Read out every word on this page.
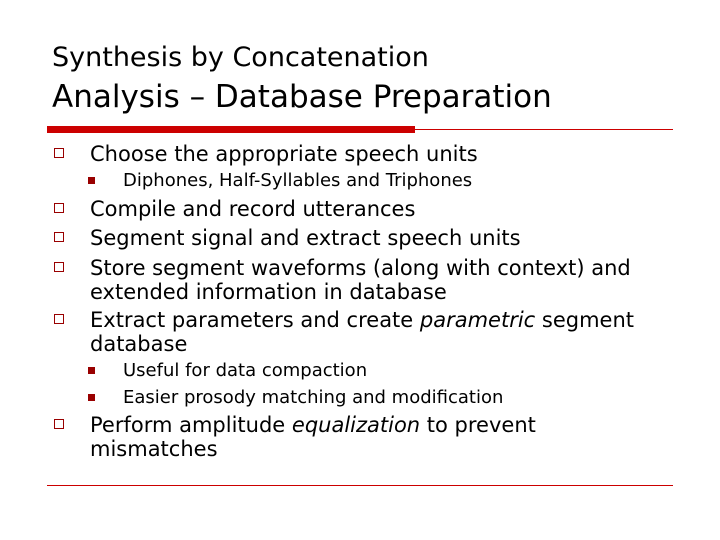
Synthesis by Concatenation
Analysis – Database Preparation
Choose the appropriate speech units
Diphones, Half-Syllables and Triphones
Compile and record utterances
Segment signal and extract speech units
Store segment waveforms (along with context) and
extended information in database
Extract parameters and create parametric segment
database
Useful for data compaction
Easier prosody matching and modification
Perform amplitude equalization to prevent
mismatches
